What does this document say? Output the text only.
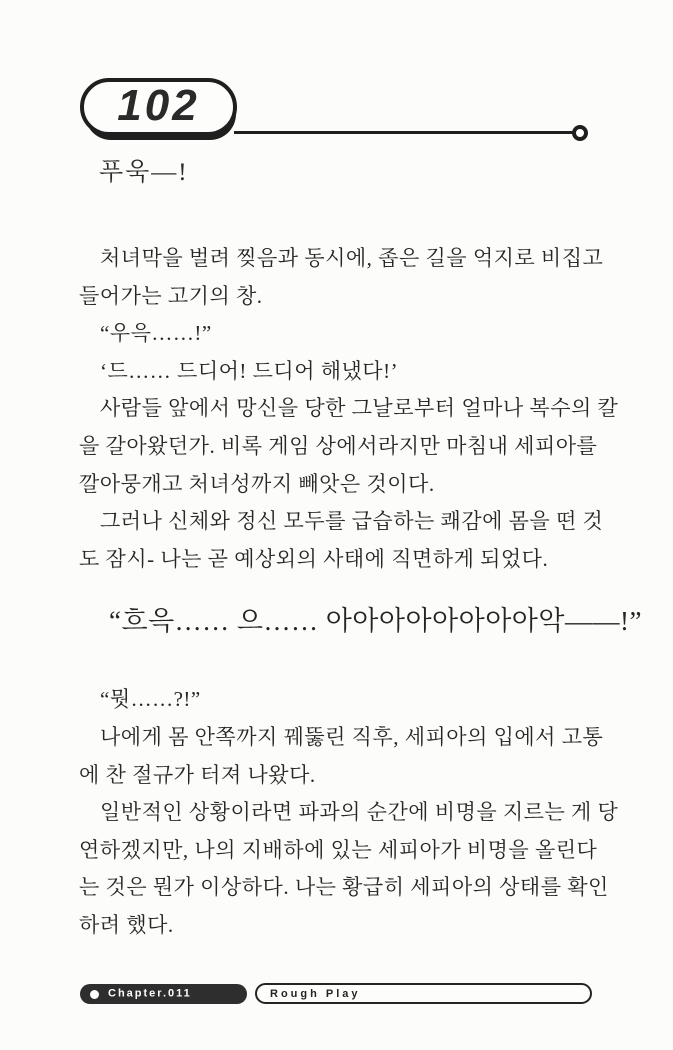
102
푸욱—!
처녀막을 벌려 찢음과 동시에, 좁은 길을 억지로 비집고
들어가는 고기의 창.
“우윽……!”
‘드…… 드디어! 드디어 해냈다!’
사람들 앞에서 망신을 당한 그날로부터 얼마나 복수의 칼
을 갈아왔던가. 비록 게임 상에서라지만 마침내 세피아를
깔아뭉개고 처녀성까지 빼앗은 것이다.
그러나 신체와 정신 모두를 급습하는 쾌감에 몸을 떤 것
도 잠시- 나는 곧 예상외의 사태에 직면하게 되었다.
“흐윽…… 으…… 아아아아아아아아악——!”
“뭣……?!”
나에게 몸 안쪽까지 꿰뚫린 직후, 세피아의 입에서 고통
에 찬 절규가 터져 나왔다.
일반적인 상황이라면 파과의 순간에 비명을 지르는 게 당
연하겠지만, 나의 지배하에 있는 세피아가 비명을 올린다
는 것은 뭔가 이상하다. 나는 황급히 세피아의 상태를 확인
하려 했다.
Chapter.011	Rough Play
